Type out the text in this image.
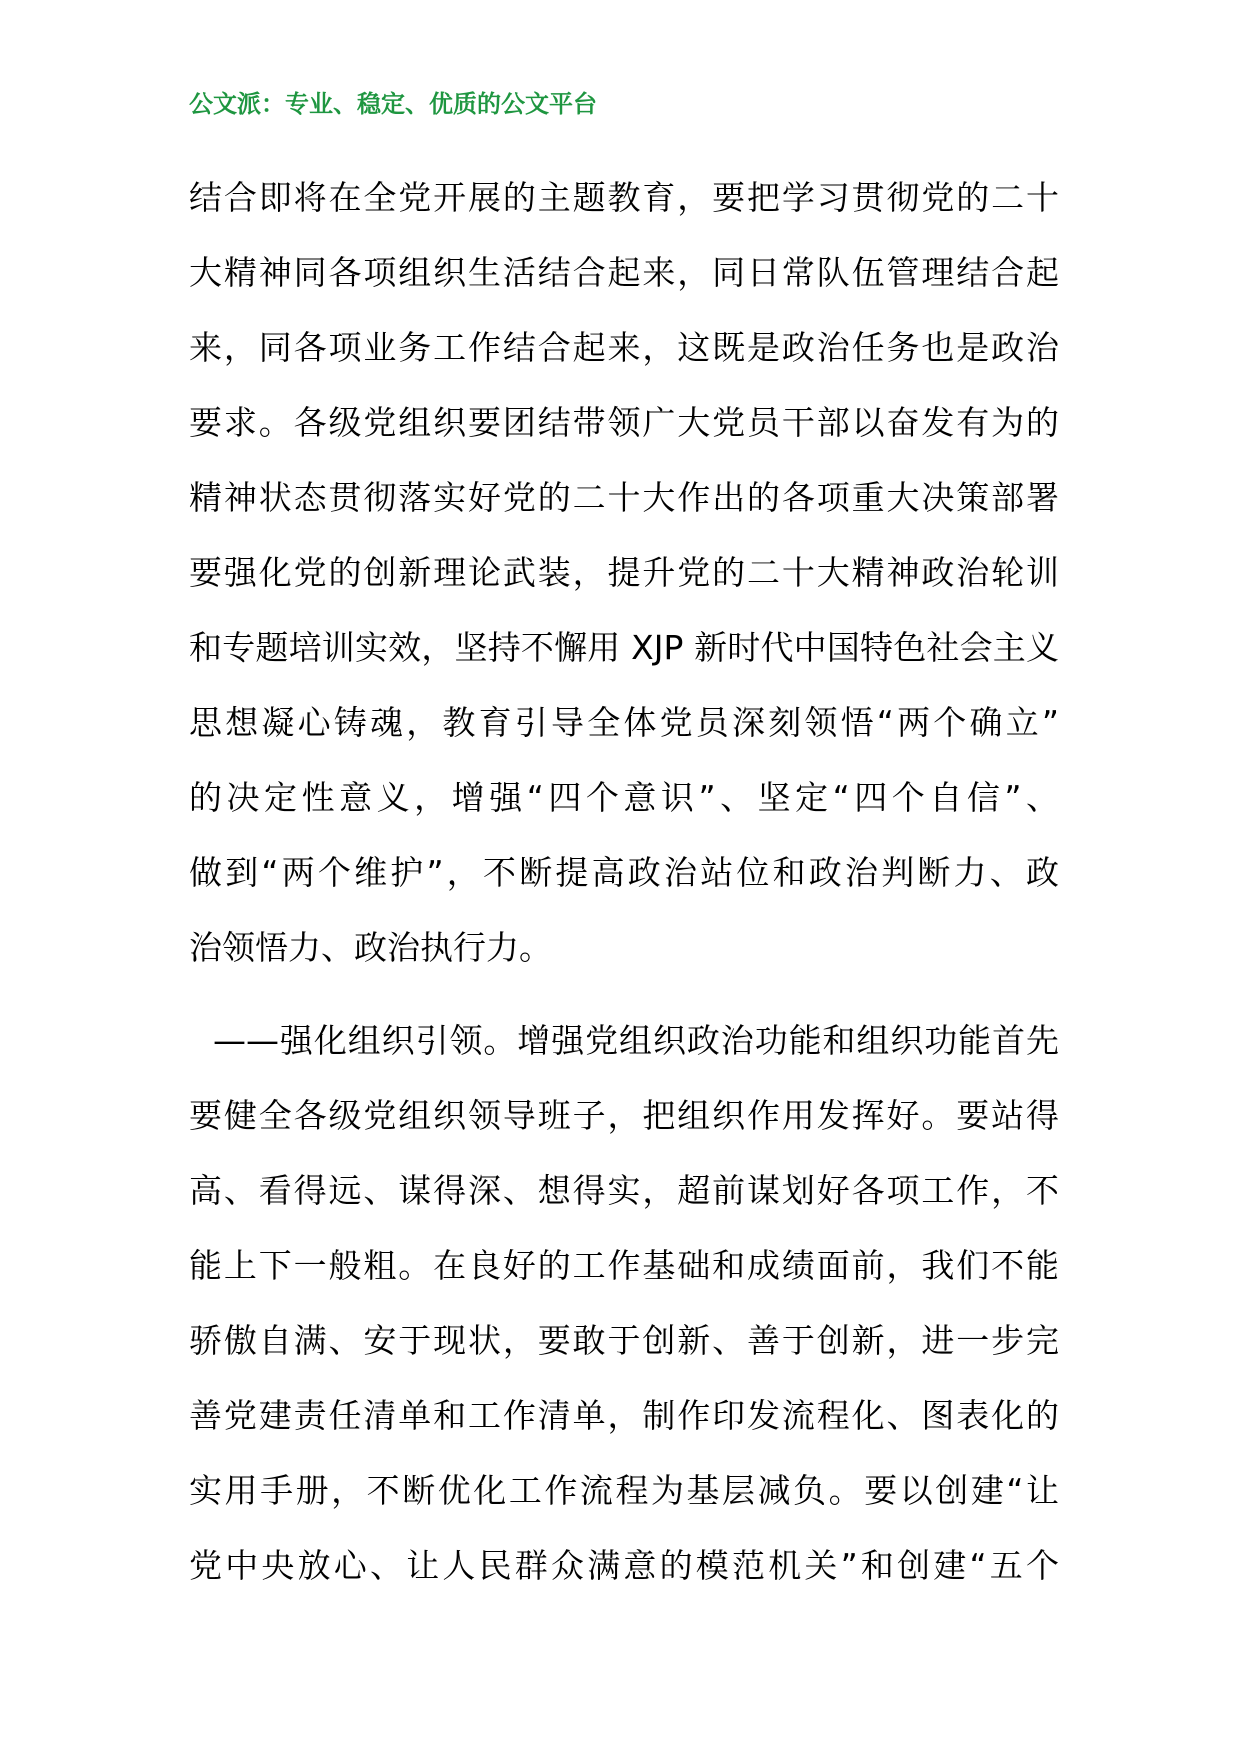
公文派：专业、稳定、优质的公文平台
结合即将在全党开展的主题教育，要把学习贯彻党的二十
大精神同各项组织生活结合起来，同日常队伍管理结合起
来，同各项业务工作结合起来，这既是政治任务也是政治
要求。各级党组织要团结带领广大党员干部以奋发有为的
精神状态贯彻落实好党的二十大作出的各项重大决策部署
要强化党的创新理论武装，提升党的二十大精神政治轮训
和专题培训实效，坚持不懈用 XJP 新时代中国特色社会主义
思想凝心铸魂，教育引导全体党员深刻领悟“两个确立”
的决定性意义，增强“四个意识”、坚定“四个自信”、
做到“两个维护”，不断提高政治站位和政治判断力、政
治领悟力、政治执行力。
——强化组织引领。增强党组织政治功能和组织功能首先
要健全各级党组织领导班子，把组织作用发挥好。要站得
高、看得远、谋得深、想得实，超前谋划好各项工作，不
能上下一般粗。在良好的工作基础和成绩面前，我们不能
骄傲自满、安于现状，要敢于创新、善于创新，进一步完
善党建责任清单和工作清单，制作印发流程化、图表化的
实用手册，不断优化工作流程为基层减负。要以创建“让
党中央放心、让人民群众满意的模范机关”和创建“五个
